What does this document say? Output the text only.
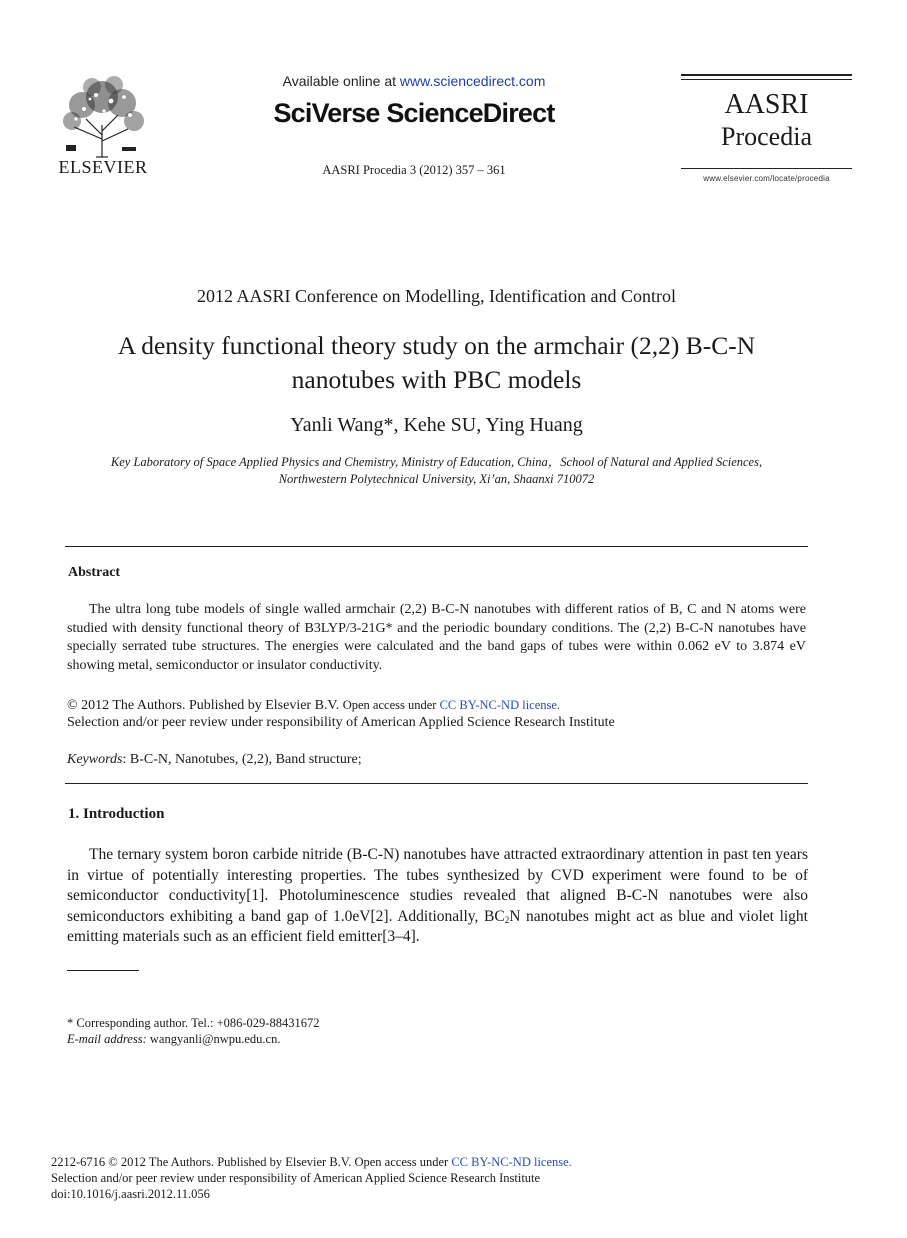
ELSEVIER
Available online at www.sciencedirect.com
SciVerse ScienceDirect
AASRI Procedia 3 (2012) 357 – 361
AASRI
Procedia
www.elsevier.com/locate/procedia
2012 AASRI Conference on Modelling, Identification and Control
A density functional theory study on the armchair (2,2) B-C-N
nanotubes with PBC models
Yanli Wang*, Kehe SU, Ying Huang
Key Laboratory of Space Applied Physics and Chemistry, Ministry of Education, China，School of Natural and Applied Sciences,
Northwestern Polytechnical University, Xi’an, Shaanxi 710072
Abstract
The ultra long tube models of single walled armchair (2,2) B-C-N nanotubes with different ratios of B, C and N atoms were studied with density functional theory of B3LYP/3-21G* and the periodic boundary conditions. The (2,2) B-C-N nanotubes have specially serrated tube structures. The energies were calculated and the band gaps of tubes were within 0.062 eV to 3.874 eV showing metal, semiconductor or insulator conductivity.
© 2012 The Authors. Published by Elsevier B.V. Open access under CC BY-NC-ND license.
Selection and/or peer review under responsibility of American Applied Science Research Institute
Keywords: B-C-N, Nanotubes, (2,2), Band structure;
1. Introduction
The ternary system boron carbide nitride (B-C-N) nanotubes have attracted extraordinary attention in past ten years in virtue of potentially interesting properties. The tubes synthesized by CVD experiment were found to be of semiconductor conductivity[1]. Photoluminescence studies revealed that aligned B-C-N nanotubes were also semiconductors exhibiting a band gap of 1.0eV[2]. Additionally, $BC_2N$ nanotubes might act as blue and violet light emitting materials such as an efficient field emitter[3–4].
* Corresponding author. Tel.: +086-029-88431672
E-mail address: wangyanli@nwpu.edu.cn.
2212-6716 © 2012 The Authors. Published by Elsevier B.V. Open access under CC BY-NC-ND license.
Selection and/or peer review under responsibility of American Applied Science Research Institute
doi:10.1016/j.aasri.2012.11.056
